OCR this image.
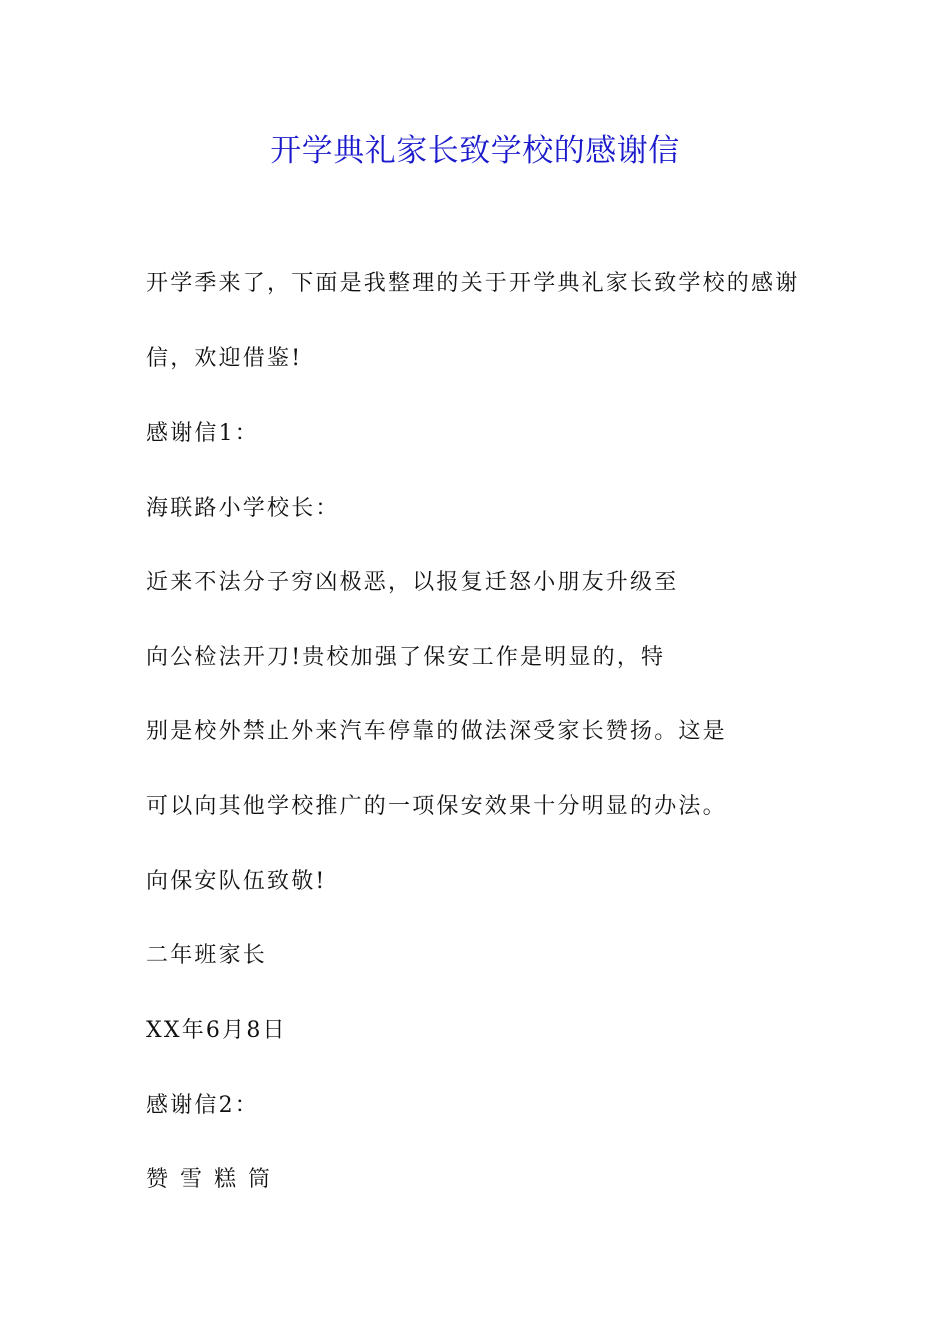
开学典礼家长致学校的感谢信
开学季来了，下面是我整理的关于开学典礼家长致学校的感谢
信，欢迎借鉴!
感谢信1：
海联路小学校长：
近来不法分子穷凶极恶，以报复迁怒小朋友升级至
向公检法开刀!贵校加强了保安工作是明显的，特
别是校外禁止外来汽车停靠的做法深受家长赞扬。这是
可以向其他学校推广的一项保安效果十分明显的办法。
向保安队伍致敬!
二年班家长
XX年6月8日
感谢信2：
赞雪糕筒
